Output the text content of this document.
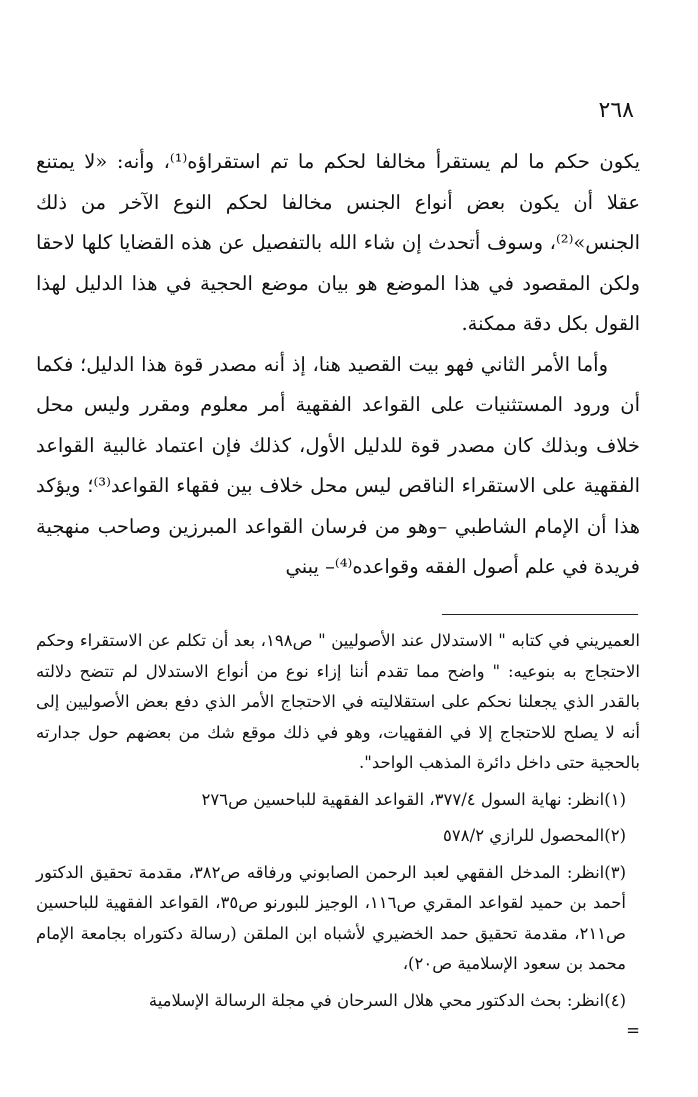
٢٦٨

يكون حكم ما لم يستقرأ مخالفا لحكم ما تم استقراؤه⁽¹⁾، وأنه: «لا يمتنع عقلا أن يكون بعض أنواع الجنس مخالفا لحكم النوع الآخر من ذلك الجنس»⁽²⁾، وسوف أتحدث إن شاء الله بالتفصيل عن هذه القضايا كلها لاحقا ولكن المقصود في هذا الموضع هو بيان موضع الحجية في هذا الدليل لهذا القول بكل دقة ممكنة.

وأما الأمر الثاني فهو بيت القصيد هنا، إذ أنه مصدر قوة هذا الدليل؛ فكما أن ورود المستثنيات على القواعد الفقهية أمر معلوم ومقرر وليس محل خلاف وبذلك كان مصدر قوة للدليل الأول، كذلك فإن اعتماد غالبية القواعد الفقهية على الاستقراء الناقص ليس محل خلاف بين فقهاء القواعد⁽³⁾؛ ويؤكد هذا أن الإمام الشاطبي –وهو من فرسان القواعد المبرزين وصاحب منهجية فريدة في علم أصول الفقه وقواعده⁽⁴⁾– يبني

العميريني في كتابه " الاستدلال عند الأصوليين " ص١٩٨، بعد أن تكلم عن الاستقراء وحكم الاحتجاج به بنوعيه: " واضح مما تقدم أننا إزاء نوع من أنواع الاستدلال لم تتضح دلالته بالقدر الذي يجعلنا نحكم على استقلاليته في الاحتجاج الأمر الذي دفع بعض الأصوليين إلى أنه لا يصلح للاحتجاج إلا في الفقهيات، وهو في ذلك موقع شك من بعضهم حول جدارته بالحجية حتى داخل دائرة المذهب الواحد".

(١)انظر: نهاية السول ٣٧٧/٤، القواعد الفقهية للباحسين ص٢٧٦

(٢)المحصول للرازي ٥٧٨/٢

(٣)انظر: المدخل الفقهي لعبد الرحمن الصابوني ورفاقه ص٣٨٢، مقدمة تحقيق الدكتور أحمد بن حميد لقواعد المقري ص١١٦، الوجيز للبورنو ص٣٥، القواعد الفقهية للباحسين ص٢١١، مقدمة تحقيق حمد الخضيري لأشباه ابن الملقن (رسالة دكتوراه بجامعة الإمام محمد بن سعود الإسلامية ص٢٠)،

(٤)انظر: بحث الدكتور محي هلال السرحان في مجلة الرسالة الإسلامية

=
